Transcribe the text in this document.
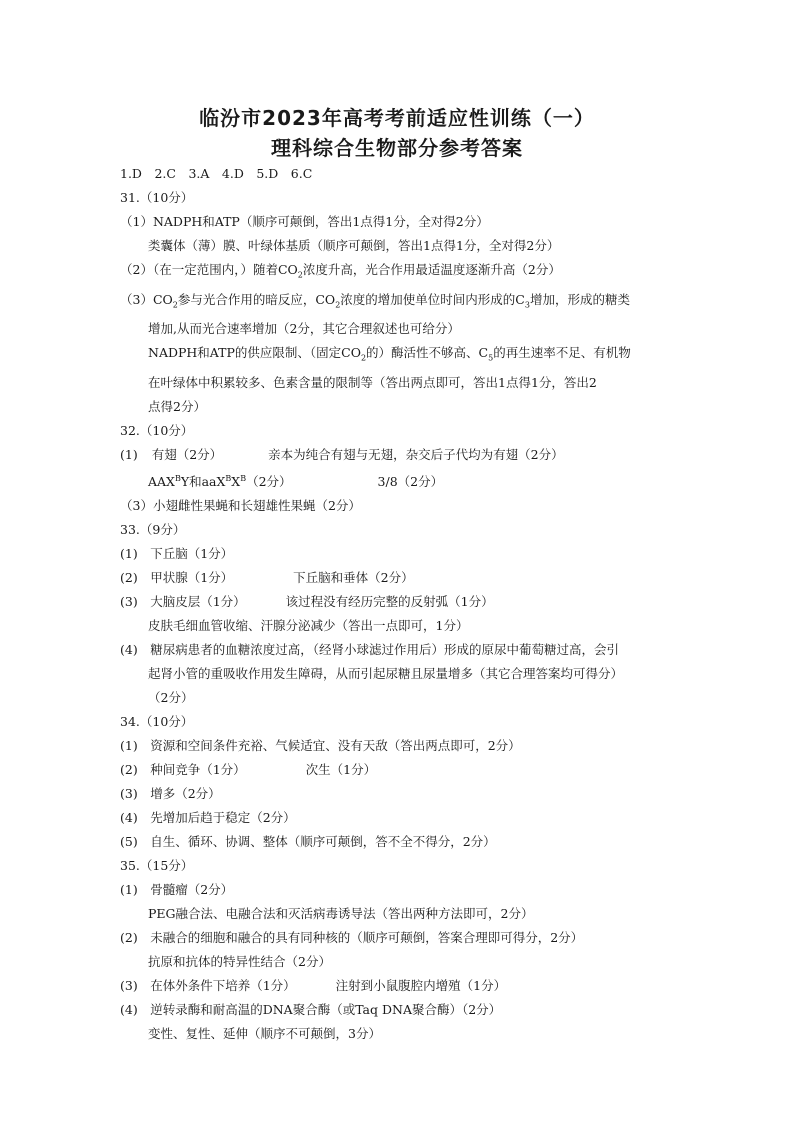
临汾市2023年高考考前适应性训练（一）
理科综合生物部分参考答案
1.D　2.C　3.A　4.D　5.D　6.C
31.（10分）
（1）NADPH和ATP（顺序可颠倒，答出1点得1分，全对得2分）
类囊体（薄）膜、叶绿体基质（顺序可颠倒，答出1点得1分，全对得2分）
（2）（在一定范围内，）随着$CO_2$浓度升高，光合作用最适温度逐渐升高（2分）
$(3)CO_2$参与光合作用的暗反应，$CO_2$浓度的增加使单位时间内形成的$C_3$增加，形成的糖类
增加,从而光合速率增加（2分，其它合理叙述也可给分）
NADPH和ATP的供应限制、（固定$CO_2$的）酶活性不够高、$C_5$的再生速率不足、有机物
在叶绿体中积累较多、色素含量的限制等（答出两点即可，答出1点得1分，答出2
点得2分）
32.（10分）
(1) 有翅（2分）	亲本为纯合有翅与无翅，杂交后子代均为有翅（2分）
$AAX^BY$和$aaX^BX^B(2$分）	3/8（2分）
（3）小翅雌性果蝇和长翅雄性果蝇（2分）
33.（9分）
(1)　下丘脑（1分）
(2)　甲状腺（1分）	下丘脑和垂体（2分）
(3)　大脑皮层（1分）	该过程没有经历完整的反射弧（1分）
皮肤毛细血管收缩、汗腺分泌减少（答出一点即可，1分）
(4)　糖尿病患者的血糖浓度过高，（经肾小球滤过作用后）形成的原尿中葡萄糖过高，会引
起肾小管的重吸收作用发生障碍，从而引起尿糖且尿量增多（其它合理答案均可得分）
（2分）
34.（10分）
(1)　资源和空间条件充裕、气候适宜、没有天敌（答出两点即可，2分）
(2)　种间竞争（1分）	次生（1分）
(3)　增多（2分）
(4)　先增加后趋于稳定（2分）
(5)　自生、循环、协调、整体（顺序可颠倒，答不全不得分，2分）
35.（15分）
(1)　骨髓瘤（2分）
PEG融合法、电融合法和灭活病毒诱导法（答出两种方法即可，2分）
(2)　未融合的细胞和融合的具有同种核的（顺序可颠倒，答案合理即可得分，2分）
抗原和抗体的特异性结合（2分）
(3)　在体外条件下培养（1分）	注射到小鼠腹腔内增殖（1分）
(4)　逆转录酶和耐高温的DNA聚合酶（或Taq DNA聚合酶）（2分）
变性、复性、延伸（顺序不可颠倒，3分）
